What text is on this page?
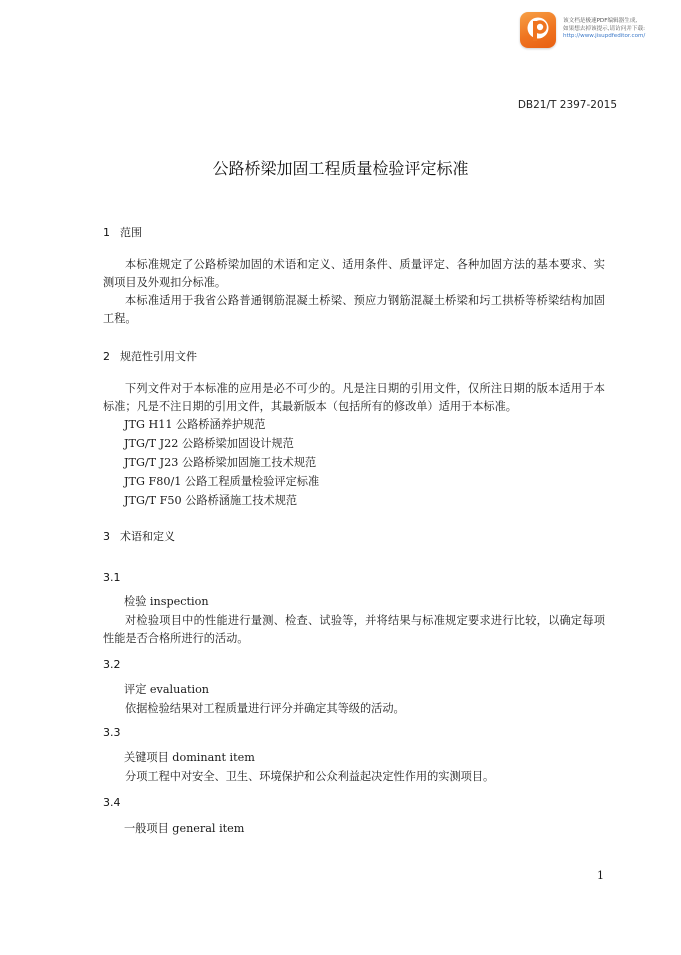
该文档是极速PDF编辑器生成,
如果想去掉该提示,请访问并下载:
http://www.jisupdfeditor.com/
DB21/T 2397-2015
公路桥梁加固工程质量检验评定标准
1 范围
本标准规定了公路桥梁加固的术语和定义、适用条件、质量评定、各种加固方法的基本要求、实测项目及外观扣分标准。
本标准适用于我省公路普通钢筋混凝土桥梁、预应力钢筋混凝土桥梁和圬工拱桥等桥梁结构加固工程。
2 规范性引用文件
下列文件对于本标准的应用是必不可少的。凡是注日期的引用文件，仅所注日期的版本适用于本标准；凡是不注日期的引用文件，其最新版本（包括所有的修改单）适用于本标准。
JTG H11 公路桥涵养护规范
JTG/T J22 公路桥梁加固设计规范
JTG/T J23 公路桥梁加固施工技术规范
JTG F80/1 公路工程质量检验评定标准
JTG/T F50 公路桥涵施工技术规范
3 术语和定义
3.1
检验 inspection
对检验项目中的性能进行量测、检查、试验等，并将结果与标准规定要求进行比较，以确定每项性能是否合格所进行的活动。
3.2
评定 evaluation
依据检验结果对工程质量进行评分并确定其等级的活动。
3.3
关键项目 dominant item
分项工程中对安全、卫生、环境保护和公众利益起决定性作用的实测项目。
3.4
一般项目 general item
1
